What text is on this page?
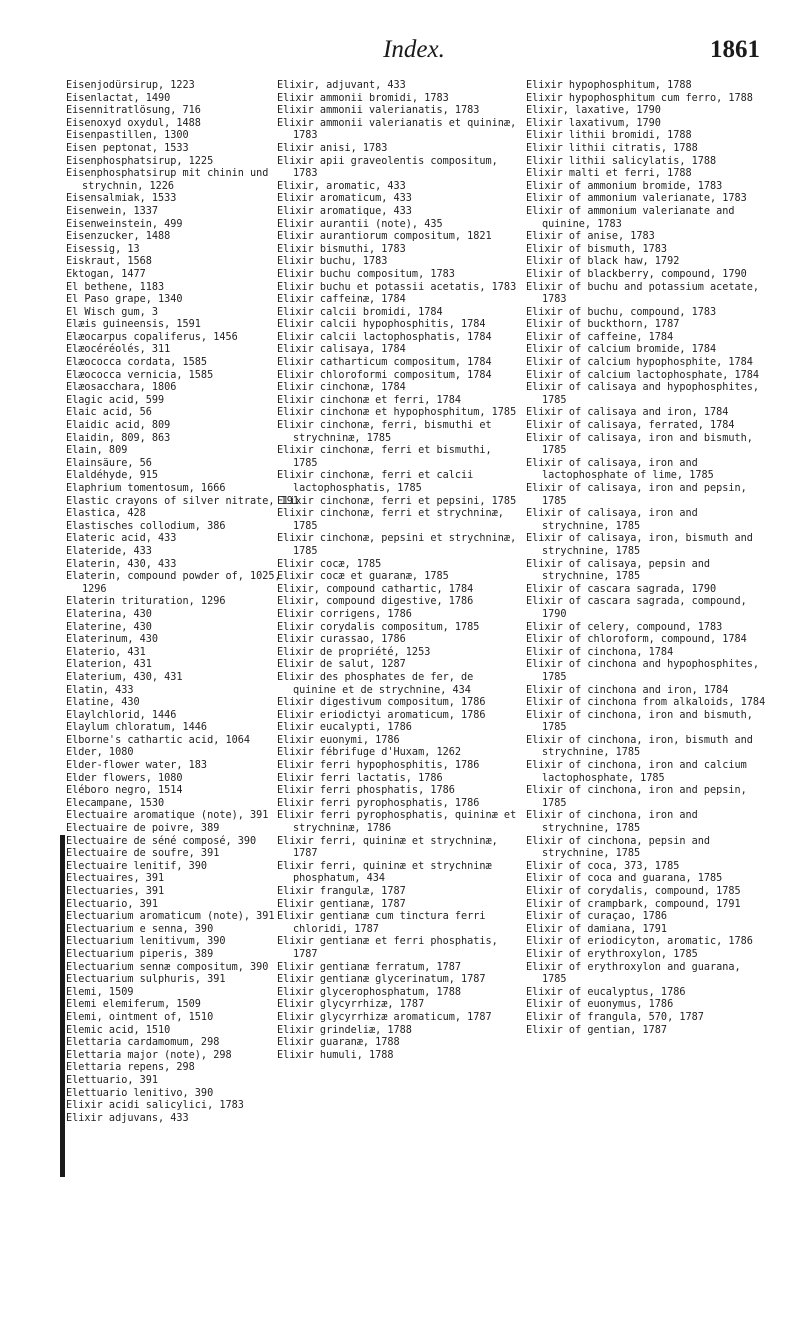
Index.	1861
Eisenjodürsirup, 1223
Eisenlactat, 1490
Eisennitratlösung, 716
Eisenoxyd oxydul, 1488
Eisenpastillen, 1300
Eisen peptonat, 1533
Eisenphosphatsirup, 1225
Eisenphosphatsirup mit chinin und strychnin, 1226
Eisensalmiak, 1533
Eisenwein, 1337
Eisenweinstein, 499
Eisenzucker, 1488
Eisessig, 13
Eiskraut, 1568
Ektogan, 1477
El bethene, 1183
El Paso grape, 1340
El Wisch gum, 3
Elæis guineensis, 1591
Elæocarpus copaliferus, 1456
Elæocéréolés, 311
Elæococca cordata, 1585
Elæococca vernicia, 1585
Elæosacchara, 1806
Elagic acid, 599
Elaic acid, 56
Elaidic acid, 809
Elaidin, 809, 863
Elain, 809
Elainsäure, 56
Elaldéhyde, 915
Elaphrium tomentosum, 1666
Elastic crayons of silver nitrate, 191
Elastica, 428
Elastisches collodium, 386
Elateric acid, 433
Elateride, 433
Elaterin, 430, 433
Elaterin, compound powder of, 1025, 1296
Elaterin trituration, 1296
Elaterina, 430
Elaterine, 430
Elaterinum, 430
Elaterio, 431
Elaterion, 431
Elaterium, 430, 431
Elatin, 433
Elatine, 430
Elaylchlorid, 1446
Elaylum chloratum, 1446
Elborne's cathartic acid, 1064
Elder, 1080
Elder-flower water, 183
Elder flowers, 1080
Eléboro negro, 1514
Elecampane, 1530
Electuaire aromatique (note), 391
Electuaire de poivre, 389
Electuaire de séné composé, 390
Electuaire de soufre, 391
Electuaire lenitif, 390
Electuaires, 391
Electuaries, 391
Electuario, 391
Electuarium aromaticum (note), 391
Electuarium e senna, 390
Electuarium lenitivum, 390
Electuarium piperis, 389
Electuarium sennæ compositum, 390
Electuarium sulphuris, 391
Elemi, 1509
Elemi elemiferum, 1509
Elemi, ointment of, 1510
Elemic acid, 1510
Elettaria cardamomum, 298
Elettaria major (note), 298
Elettaria repens, 298
Elettuario, 391
Elettuario lenitivo, 390
Elixir acidi salicylici, 1783
Elixir adjuvans, 433
Elixir, adjuvant, 433
Elixir ammonii bromidi, 1783
Elixir ammonii valerianatis, 1783
Elixir ammonii valerianatis et quininæ, 1783
Elixir anisi, 1783
Elixir apii graveolentis compositum, 1783
Elixir, aromatic, 433
Elixir aromaticum, 433
Elixir aromatique, 433
Elixir aurantii (note), 435
Elixir aurantiorum compositum, 1821
Elixir bismuthi, 1783
Elixir buchu, 1783
Elixir buchu compositum, 1783
Elixir buchu et potassii acetatis, 1783
Elixir caffeinæ, 1784
Elixir calcii bromidi, 1784
Elixir calcii hypophosphitis, 1784
Elixir calcii lactophosphatis, 1784
Elixir calisaya, 1784
Elixir catharticum compositum, 1784
Elixir chloroformi compositum, 1784
Elixir cinchonæ, 1784
Elixir cinchonæ et ferri, 1784
Elixir cinchonæ et hypophosphitum, 1785
Elixir cinchonæ, ferri, bismuthi et strychninæ, 1785
Elixir cinchonæ, ferri et bismuthi, 1785
Elixir cinchonæ, ferri et calcii lactophosphatis, 1785
Elixir cinchonæ, ferri et pepsini, 1785
Elixir cinchonæ, ferri et strychninæ, 1785
Elixir cinchonæ, pepsini et strychninæ, 1785
Elixir cocæ, 1785
Elixir cocæ et guaranæ, 1785
Elixir, compound cathartic, 1784
Elixir, compound digestive, 1786
Elixir corrigens, 1786
Elixir corydalis compositum, 1785
Elixir curassao, 1786
Elixir de propriété, 1253
Elixir de salut, 1287
Elixir des phosphates de fer, de quinine et de strychnine, 434
Elixir digestivum compositum, 1786
Elixir eriodictyi aromaticum, 1786
Elixir eucalypti, 1786
Elixir euonymi, 1786
Elixir fébrifuge d'Huxam, 1262
Elixir ferri hypophosphitis, 1786
Elixir ferri lactatis, 1786
Elixir ferri phosphatis, 1786
Elixir ferri pyrophosphatis, 1786
Elixir ferri pyrophosphatis, quininæ et strychninæ, 1786
Elixir ferri, quininæ et strychninæ, 1787
Elixir ferri, quininæ et strychninæ phosphatum, 434
Elixir frangulæ, 1787
Elixir gentianæ, 1787
Elixir gentianæ cum tinctura ferri chloridi, 1787
Elixir gentianæ et ferri phosphatis, 1787
Elixir gentianæ ferratum, 1787
Elixir gentianæ glycerinatum, 1787
Elixir glycerophosphatum, 1788
Elixir glycyrrhizæ, 1787
Elixir glycyrrhizæ aromaticum, 1787
Elixir grindeliæ, 1788
Elixir guaranæ, 1788
Elixir humuli, 1788
Elixir hypophosphitum, 1788
Elixir hypophosphitum cum ferro, 1788
Elixir, laxative, 1790
Elixir laxativum, 1790
Elixir lithii bromidi, 1788
Elixir lithii citratis, 1788
Elixir lithii salicylatis, 1788
Elixir malti et ferri, 1788
Elixir of ammonium bromide, 1783
Elixir of ammonium valerianate, 1783
Elixir of ammonium valerianate and quinine, 1783
Elixir of anise, 1783
Elixir of bismuth, 1783
Elixir of black haw, 1792
Elixir of blackberry, compound, 1790
Elixir of buchu and potassium acetate, 1783
Elixir of buchu, compound, 1783
Elixir of buckthorn, 1787
Elixir of caffeine, 1784
Elixir of calcium bromide, 1784
Elixir of calcium hypophosphite, 1784
Elixir of calcium lactophosphate, 1784
Elixir of calisaya and hypophosphites, 1785
Elixir of calisaya and iron, 1784
Elixir of calisaya, ferrated, 1784
Elixir of calisaya, iron and bismuth, 1785
Elixir of calisaya, iron and lactophosphate of lime, 1785
Elixir of calisaya, iron and pepsin, 1785
Elixir of calisaya, iron and strychnine, 1785
Elixir of calisaya, iron, bismuth and strychnine, 1785
Elixir of calisaya, pepsin and strychnine, 1785
Elixir of cascara sagrada, 1790
Elixir of cascara sagrada, compound, 1790
Elixir of celery, compound, 1783
Elixir of chloroform, compound, 1784
Elixir of cinchona, 1784
Elixir of cinchona and hypophosphites, 1785
Elixir of cinchona and iron, 1784
Elixir of cinchona from alkaloids, 1784
Elixir of cinchona, iron and bismuth, 1785
Elixir of cinchona, iron, bismuth and strychnine, 1785
Elixir of cinchona, iron and calcium lactophosphate, 1785
Elixir of cinchona, iron and pepsin, 1785
Elixir of cinchona, iron and strychnine, 1785
Elixir of cinchona, pepsin and strychnine, 1785
Elixir of coca, 373, 1785
Elixir of coca and guarana, 1785
Elixir of corydalis, compound, 1785
Elixir of crampbark, compound, 1791
Elixir of curaçao, 1786
Elixir of damiana, 1791
Elixir of eriodicyton, aromatic, 1786
Elixir of erythroxylon, 1785
Elixir of erythroxylon and guarana, 1785
Elixir of eucalyptus, 1786
Elixir of euonymus, 1786
Elixir of frangula, 570, 1787
Elixir of gentian, 1787
